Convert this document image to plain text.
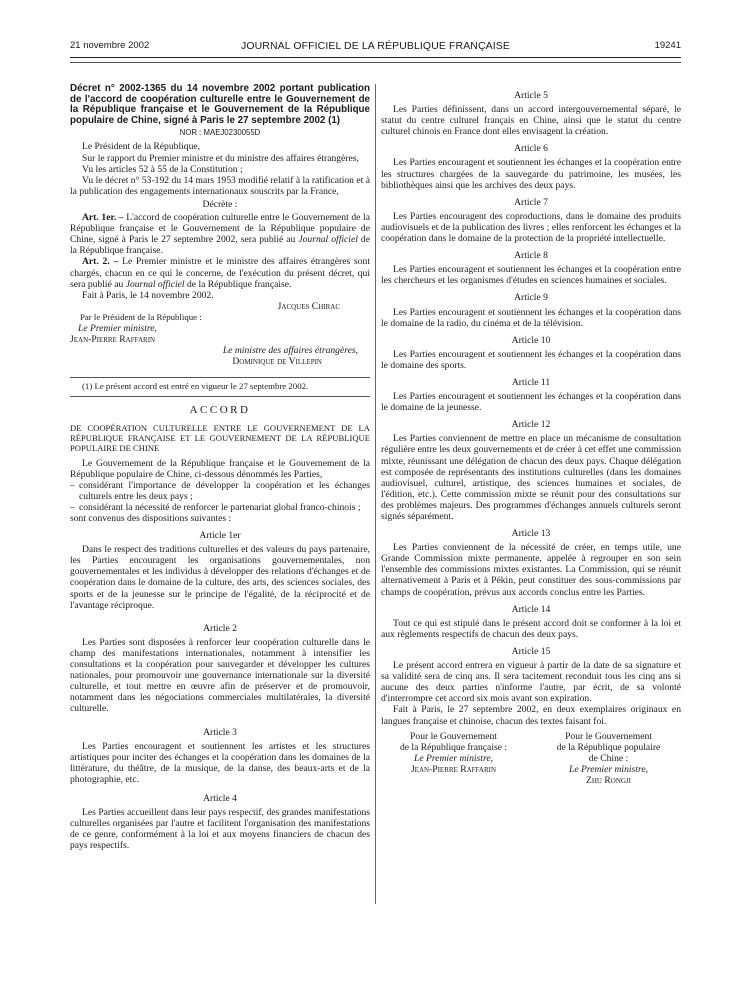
21 novembre 2002	JOURNAL OFFICIEL DE LA RÉPUBLIQUE FRANÇAISE	19241

Décret n° 2002-1365 du 14 novembre 2002 portant publication de l'accord de coopération culturelle entre le Gouvernement de la République française et le Gouvernement de la République populaire de Chine, signé à Paris le 27 septembre 2002 (1)

NOR : MAEJ0230055D

Le Président de la République,

Sur le rapport du Premier ministre et du ministre des affaires étrangères,

Vu les articles 52 à 55 de la Constitution ;

Vu le décret n° 53-192 du 14 mars 1953 modifié relatif à la ratification et à la publication des engagements internationaux souscrits par la France,

Décrète :

Art. 1er. – L'accord de coopération culturelle entre le Gouvernement de la République française et le Gouvernement de la République populaire de Chine, signé à Paris le 27 septembre 2002, sera publié au Journal officiel de la République française.

Art. 2. – Le Premier ministre et le ministre des affaires étrangères sont chargés, chacun en ce qui le concerne, de l'exécution du présent décret, qui sera publié au Journal officiel de la République française.

Fait à Paris, le 14 novembre 2002.

Jacques Chirac

Par le Président de la République :

Le Premier ministre,

Jean-Pierre Raffarin

Le ministre des affaires étrangères,

Dominique de Villepin

(1) Le présent accord est entré en vigueur le 27 septembre 2002.

ACCORD

DE COOPÉRATION CULTURELLE ENTRE LE GOUVERNEMENT DE LA RÉPUBLIQUE FRANÇAISE ET LE GOUVERNEMENT DE LA RÉPUBLIQUE POPULAIRE DE CHINE

Le Gouvernement de la République française et le Gouvernement de la République populaire de Chine, ci-dessous dénommés les Parties,

– considérant l'importance de développer la coopération et les échanges culturels entre les deux pays ;
– considérant la nécessité de renforcer le partenariat global franco-chinois ;

sont convenus des dispositions suivantes :

Article 1er

Dans le respect des traditions culturelles et des valeurs du pays partenaire, les Parties encouragent les organisations gouvernementales, non gouvernementales et les individus à développer des relations d'échanges et de coopération dans le domaine de la culture, des arts, des sciences sociales, des sports et de la jeunesse sur le principe de l'égalité, de la réciprocité et de l'avantage réciproque.

Article 2

Les Parties sont disposées à renforcer leur coopération culturelle dans le champ des manifestations internationales, notamment à intensifier les consultations et la coopération pour sauvegarder et développer les cultures nationales, pour promouvoir une gouvernance internationale sur la diversité culturelle, et tout mettre en œuvre afin de préserver et de promouvoir, notamment dans les négociations commerciales multilatérales, la diversité culturelle.

Article 3

Les Parties encouragent et soutiennent les artistes et les structures artistiques pour inciter des échanges et la coopération dans les domaines de la littérature, du théâtre, de la musique, de la danse, des beaux-arts et de la photographie, etc.

Article 4

Les Parties accueillent dans leur pays respectif, des grandes manifestations culturelles organisées par l'autre et facilitent l'organisation des manifestations de ce genre, conformément à la loi et aux moyens financiers de chacun des pays respectifs.

Article 5

Les Parties définissent, dans un accord intergouvernemental séparé, le statut du centre culturel français en Chine, ainsi que le statut du centre culturel chinois en France dont elles envisagent la création.

Article 6

Les Parties encouragent et soutiennent les échanges et la coopération entre les structures chargées de la sauvegarde du patrimoine, les musées, les bibliothèques ainsi que les archives des deux pays.

Article 7

Les Parties encouragent des coproductions, dans le domaine des produits audiovisuels et de la publication des livres ; elles renforcent les échanges et la coopération dans le domaine de la protection de la propriété intellectuelle.

Article 8

Les Parties encouragent et soutiennent les échanges et la coopération entre les chercheurs et les organismes d'études en sciences humaines et sociales.

Article 9

Les Parties encouragent et soutiennent les échanges et la coopération dans le domaine de la radio, du cinéma et de la télévision.

Article 10

Les Parties encouragent et soutiennent les échanges et la coopération dans le domaine des sports.

Article 11

Les Parties encouragent et soutiennent les échanges et la coopération dans le domaine de la jeunesse.

Article 12

Les Parties conviennent de mettre en place un mécanisme de consultation régulière entre les deux gouvernements et de créer à cet effet une commission mixte, réunissant une délégation de chacun des deux pays. Chaque délégation est composée de représentants des institutions culturelles (dans les domaines audiovisuel, culturel, artistique, des sciences humaines et sociales, de l'édition, etc.). Cette commission mixte se réunit pour des consultations sur des problèmes majeurs. Des programmes d'échanges annuels culturels seront signés séparément.

Article 13

Les Parties conviennent de la nécessité de créer, en temps utile, une Grande Commission mixte permanente, appelée à regrouper en son sein l'ensemble des commissions mixtes existantes. La Commission, qui se réunit alternativement à Paris et à Pékin, peut constituer des sous-commissions par champs de coopération, prévus aux accords conclus entre les Parties.

Article 14

Tout ce qui est stipulé dans le présent accord doit se conformer à la loi et aux règlements respectifs de chacun des deux pays.

Article 15

Le présent accord entrera en vigueur à partir de la date de sa signature et sa validité sera de cinq ans. Il sera tacitement reconduit tous les cinq ans si aucune des deux parties n'informe l'autre, par écrit, de sa volonté d'interrompre cet accord six mois avant son expiration.

Fait à Paris, le 27 septembre 2002, en deux exemplaires originaux en langues française et chinoise, chacun des textes faisant foi.

Pour le Gouvernement
de la République française :
Le Premier ministre,
Jean-Pierre Raffarin
Pour le Gouvernement
de la République populaire
de Chine :
Le Premier ministre,
Zhu Rongji
